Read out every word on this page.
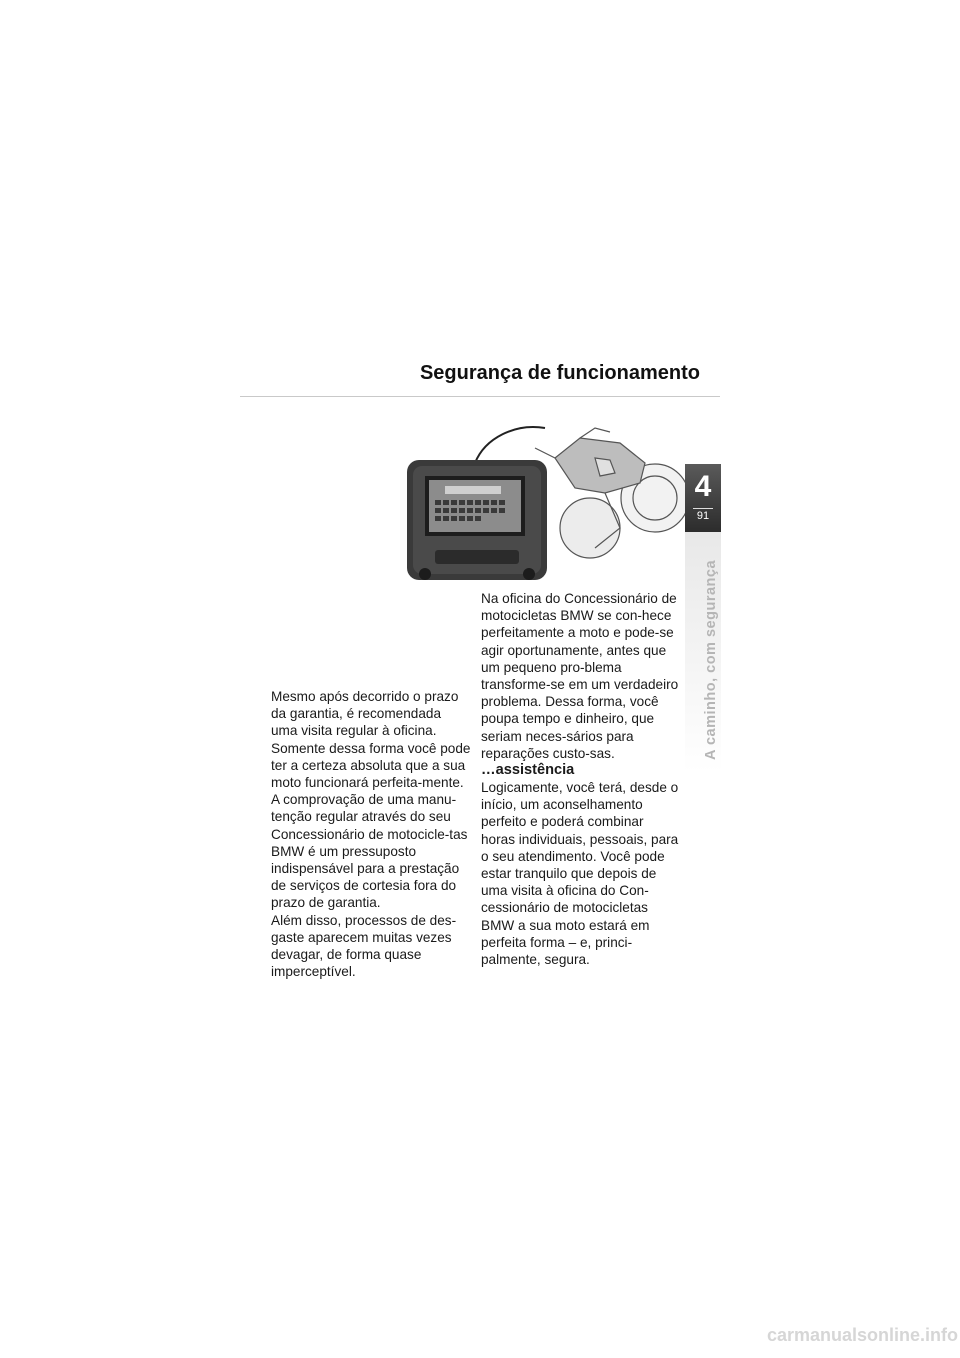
Segurança de funcionamento

Mesmo após decorrido o prazo da garantia, é recomendada uma visita regular à oficina. Somente dessa forma você pode ter a certeza absoluta que a sua moto funcionará perfeita-mente.

A comprovação de uma manu-tenção regular através do seu Concessionário de motocicle-tas BMW é um pressuposto indispensável para a prestação de serviços de cortesia fora do prazo de garantia.

Além disso, processos de des-gaste aparecem muitas vezes devagar, de forma quase imperceptível.

Na oficina do Concessionário de motocicletas BMW se con-hece perfeitamente a moto e pode-se agir oportunamente, antes que um pequeno pro-blema transforme-se em um verdadeiro problema. Dessa forma, você poupa tempo e dinheiro, que seriam neces-sários para reparações custo-sas.

…assistência

Logicamente, você terá, desde o início, um aconselhamento perfeito e poderá combinar horas individuais, pessoais, para o seu atendimento. Você pode estar tranquilo que depois de uma visita à oficina do Con-cessionário de motocicletas BMW a sua moto estará em perfeita forma – e, princi-palmente, segura.

4
91
A caminho, com segurança
carmanualsonline.info
